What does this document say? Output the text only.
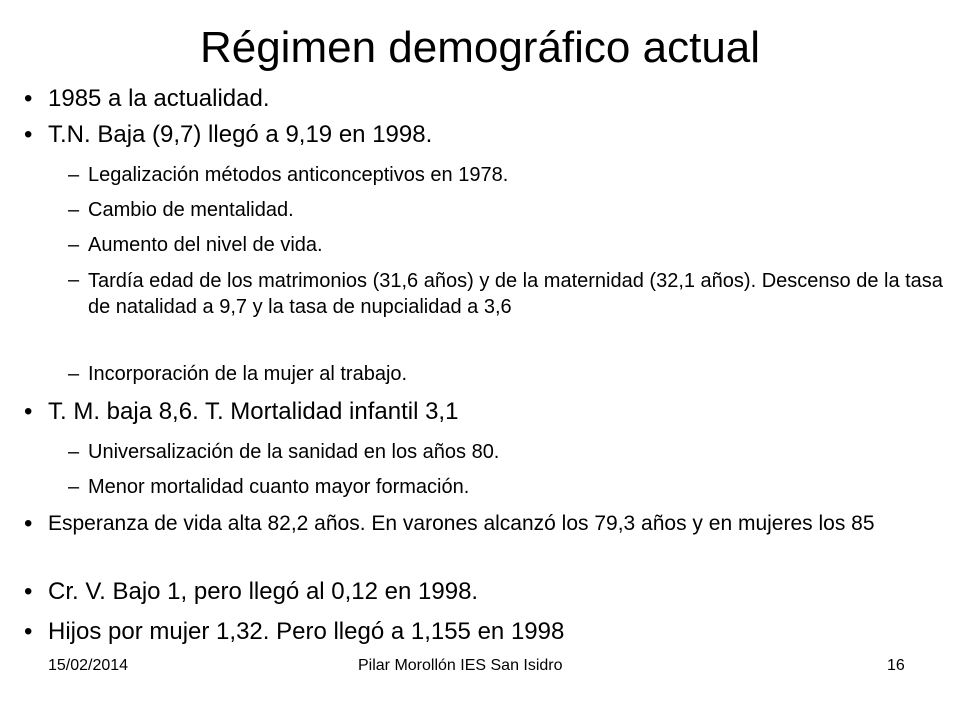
Régimen demográfico actual
• 1985 a la actualidad.
• T.N. Baja (9,7) llegó a 9,19 en 1998.
– Legalización métodos anticonceptivos en 1978.
– Cambio de mentalidad.
– Aumento del nivel de vida.
– Tardía edad de los matrimonios (31,6 años) y de la maternidad (32,1 años). Descenso de la tasa de natalidad a 9,7 y la tasa de nupcialidad a 3,6
– Incorporación de la mujer al trabajo.
• T. M. baja 8,6. T. Mortalidad infantil 3,1
– Universalización de la sanidad en los años 80.
– Menor mortalidad cuanto mayor formación.
• Esperanza de vida alta 82,2 años. En varones alcanzó los 79,3 años y en mujeres los 85
• Cr. V. Bajo 1, pero llegó al 0,12 en 1998.
• Hijos por mujer 1,32. Pero llegó a 1,155 en 1998
15/02/2014	Pilar Morollón IES San Isidro	16
